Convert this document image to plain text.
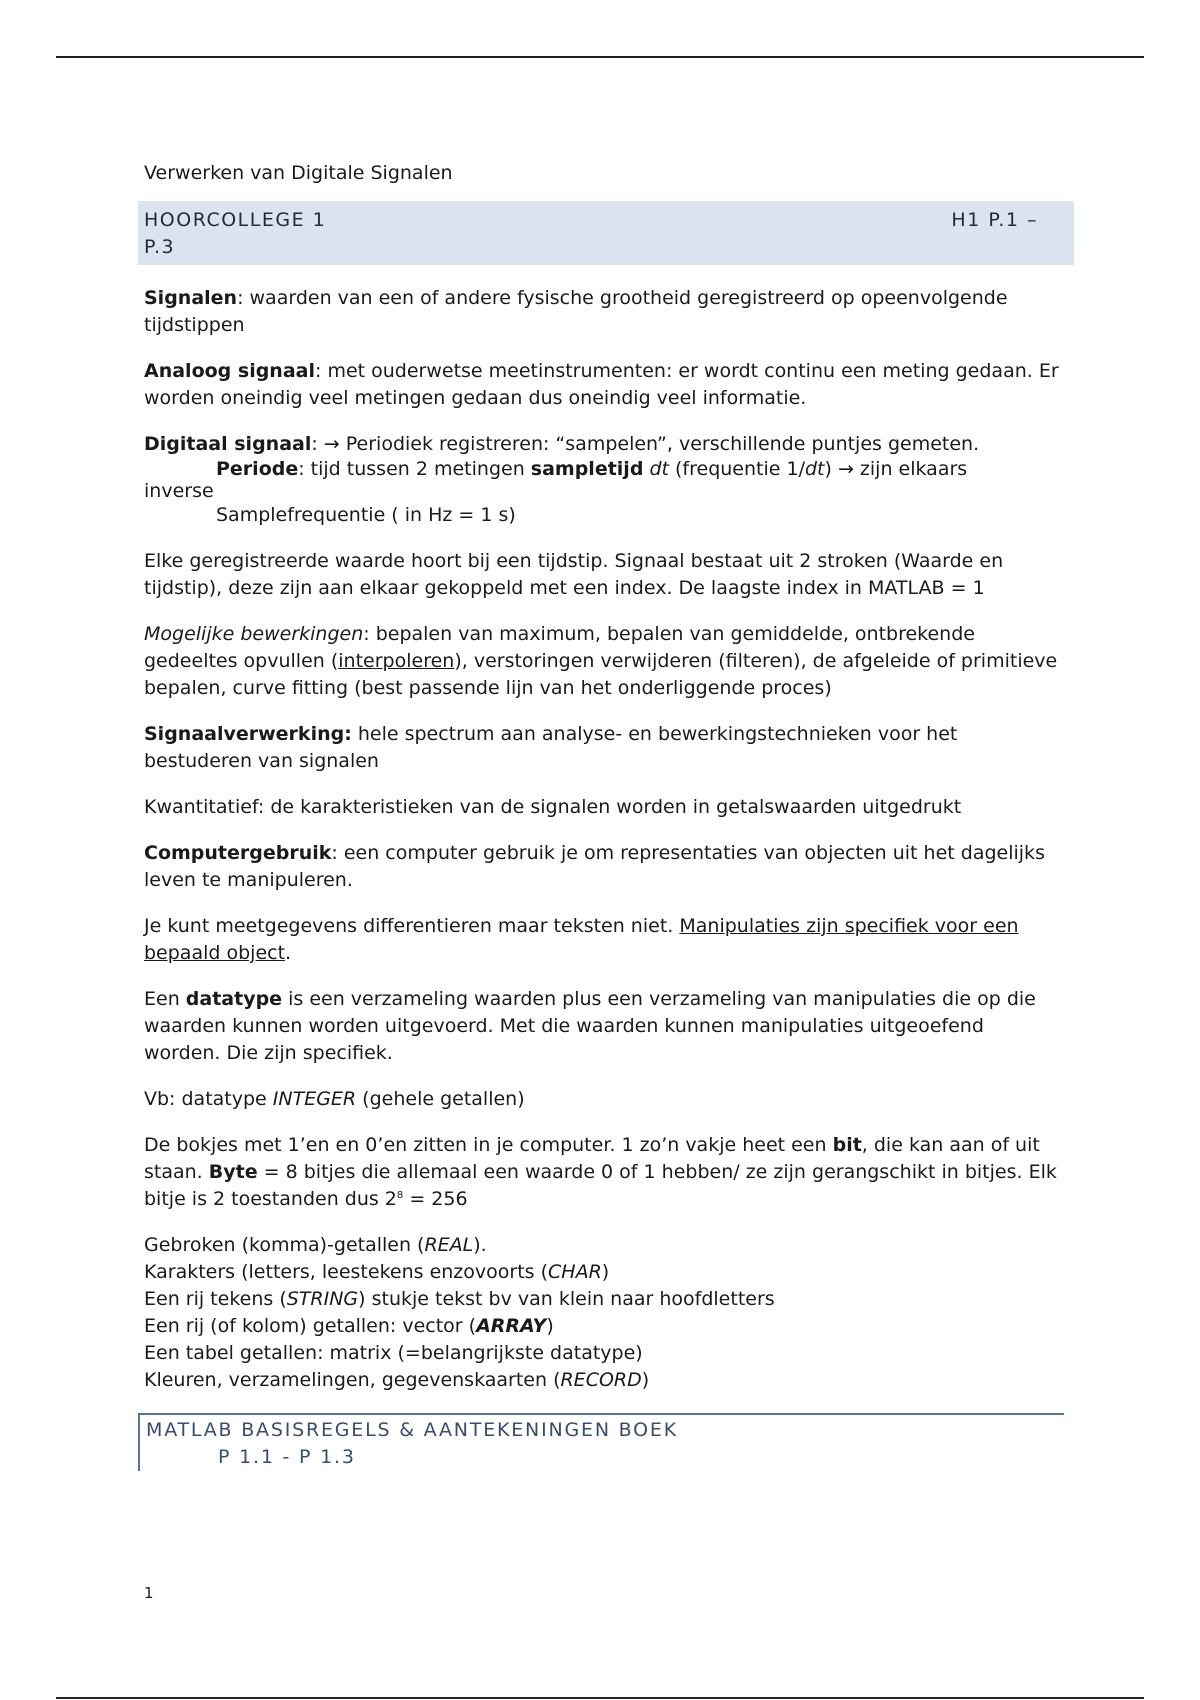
Verwerken van Digitale Signalen

HOORCOLLEGE 1	H1 P.1 –
P.3

Signalen: waarden van een of andere fysische grootheid geregistreerd op opeenvolgende tijdstippen

Analoog signaal: met ouderwetse meetinstrumenten: er wordt continu een meting gedaan. Er worden oneindig veel metingen gedaan dus oneindig veel informatie.

Digitaal signaal: → Periodiek registreren: “sampelen”, verschillende puntjes gemeten.
Periode: tijd tussen 2 metingen sampletijd dt (frequentie 1/dt) → zijn elkaars
inverse
Samplefrequentie ( in Hz = 1 s)

Elke geregistreerde waarde hoort bij een tijdstip. Signaal bestaat uit 2 stroken (Waarde en tijdstip), deze zijn aan elkaar gekoppeld met een index. De laagste index in MATLAB = 1

Mogelijke bewerkingen: bepalen van maximum, bepalen van gemiddelde, ontbrekende gedeeltes opvullen (interpoleren), verstoringen verwijderen (filteren), de afgeleide of primitieve bepalen, curve fitting (best passende lijn van het onderliggende proces)

Signaalverwerking: hele spectrum aan analyse- en bewerkingstechnieken voor het bestuderen van signalen

Kwantitatief: de karakteristieken van de signalen worden in getalswaarden uitgedrukt

Computergebruik: een computer gebruik je om representaties van objecten uit het dagelijks leven te manipuleren.

Je kunt meetgegevens differentieren maar teksten niet. Manipulaties zijn specifiek voor een bepaald object.

Een datatype is een verzameling waarden plus een verzameling van manipulaties die op die waarden kunnen worden uitgevoerd. Met die waarden kunnen manipulaties uitgeoefend worden. Die zijn specifiek.

Vb: datatype INTEGER (gehele getallen)

De bokjes met 1’en en 0’en zitten in je computer. 1 zo’n vakje heet een bit, die kan aan of uit staan. Byte = 8 bitjes die allemaal een waarde 0 of 1 hebben/ ze zijn gerangschikt in bitjes. Elk bitje is 2 toestanden dus $2^8 = 256$

Gebroken (komma)-getallen (REAL).
Karakters (letters, leestekens enzovoorts (CHAR)
Een rij tekens (STRING) stukje tekst bv van klein naar hoofdletters
Een rij (of kolom) getallen: vector (ARRAY)
Een tabel getallen: matrix (=belangrijkste datatype)
Kleuren, verzamelingen, gegevenskaarten (RECORD)
MATLAB BASISREGELS & AANTEKENINGEN BOEK
P 1.1 - P 1.3
1
